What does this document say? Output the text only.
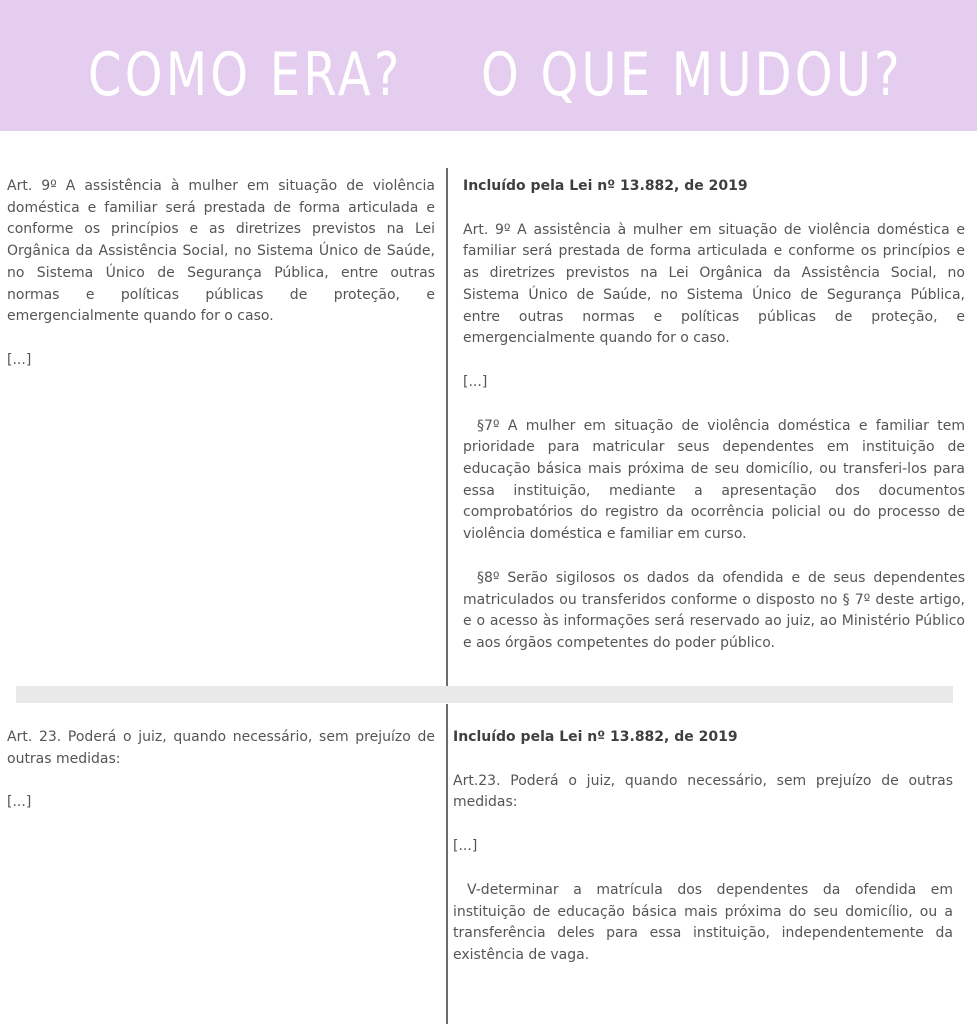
COMO ERA? O QUE MUDOU?

Art. 9º A assistência à mulher em situação de violência doméstica e familiar será prestada de forma articulada e conforme os princípios e as diretrizes previstos na Lei Orgânica da Assistência Social, no Sistema Único de Saúde, no Sistema Único de Segurança Pública, entre outras normas e políticas públicas de proteção, e emergencialmente quando for o caso.

[...]

Incluído pela Lei nº 13.882, de 2019

Art. 9º A assistência à mulher em situação de violência doméstica e familiar será prestada de forma articulada e conforme os princípios e as diretrizes previstos na Lei Orgânica da Assistência Social, no Sistema Único de Saúde, no Sistema Único de Segurança Pública, entre outras normas e políticas públicas de proteção, e emergencialmente quando for o caso.

[...]

§7º A mulher em situação de violência doméstica e familiar tem prioridade para matricular seus dependentes em instituição de educação básica mais próxima de seu domicílio, ou transferi-los para essa instituição, mediante a apresentação dos documentos comprobatórios do registro da ocorrência policial ou do processo de violência doméstica e familiar em curso.

§8º Serão sigilosos os dados da ofendida e de seus dependentes matriculados ou transferidos conforme o disposto no § 7º deste artigo, e o acesso às informações será reservado ao juiz, ao Ministério Público e aos órgãos competentes do poder público.

Art. 23. Poderá o juiz, quando necessário, sem prejuízo de outras medidas:

[...]

Incluído pela Lei nº 13.882, de 2019

Art.23. Poderá o juiz, quando necessário, sem prejuízo de outras medidas:

[...]

V-determinar a matrícula dos dependentes da ofendida em instituição de educação básica mais próxima do seu domicílio, ou a transferência deles para essa instituição, independentemente da existência de vaga.
